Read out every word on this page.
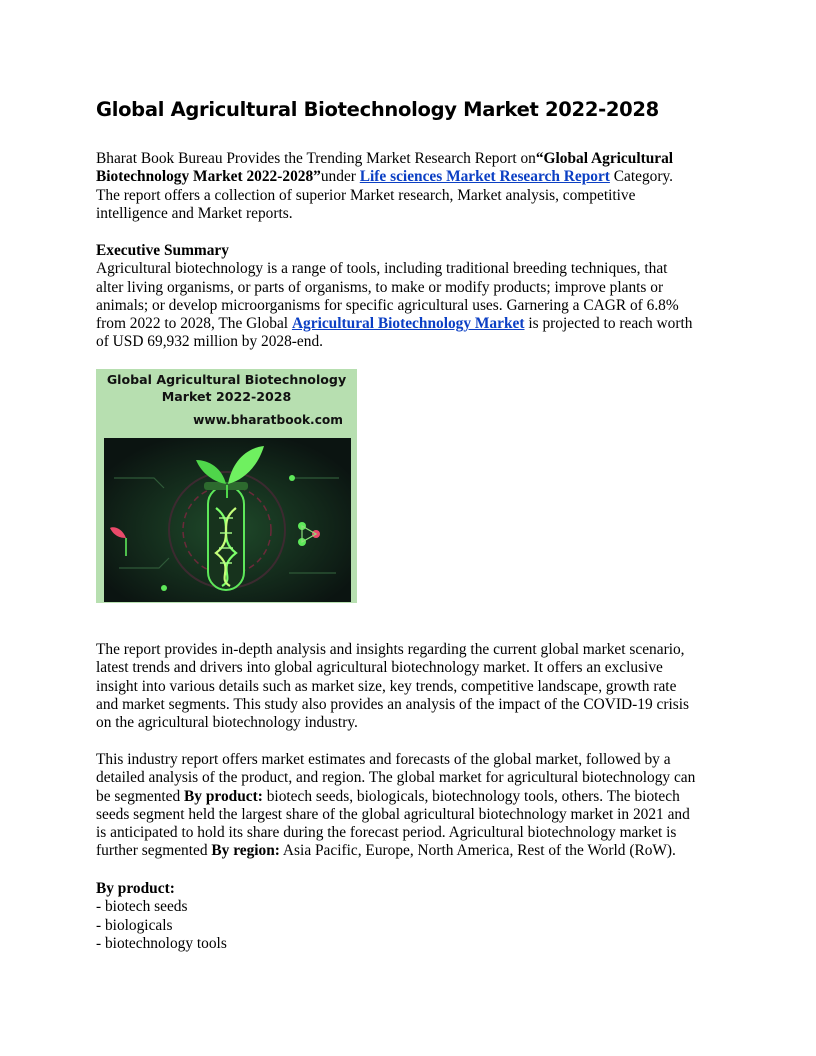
Global Agricultural Biotechnology Market 2022-2028
Bharat Book Bureau Provides the Trending Market Research Report on“Global Agricultural
Biotechnology Market 2022-2028”under Life sciences Market Research Report Category.
The report offers a collection of superior Market research, Market analysis, competitive
intelligence and Market reports.
Executive Summary
Agricultural biotechnology is a range of tools, including traditional breeding techniques, that
alter living organisms, or parts of organisms, to make or modify products; improve plants or
animals; or develop microorganisms for specific agricultural uses. Garnering a CAGR of 6.8%
from 2022 to 2028, The Global Agricultural Biotechnology Market is projected to reach worth
of USD 69,932 million by 2028-end.
Global Agricultural Biotechnology
Market 2022-2028
www.bharatbook.com
The report provides in-depth analysis and insights regarding the current global market scenario,
latest trends and drivers into global agricultural biotechnology market. It offers an exclusive
insight into various details such as market size, key trends, competitive landscape, growth rate
and market segments. This study also provides an analysis of the impact of the COVID-19 crisis
on the agricultural biotechnology industry.
This industry report offers market estimates and forecasts of the global market, followed by a
detailed analysis of the product, and region. The global market for agricultural biotechnology can
be segmented By product: biotech seeds, biologicals, biotechnology tools, others. The biotech
seeds segment held the largest share of the global agricultural biotechnology market in 2021 and
is anticipated to hold its share during the forecast period. Agricultural biotechnology market is
further segmented By region: Asia Pacific, Europe, North America, Rest of the World (RoW).
By product:
- biotech seeds
- biologicals
- biotechnology tools
